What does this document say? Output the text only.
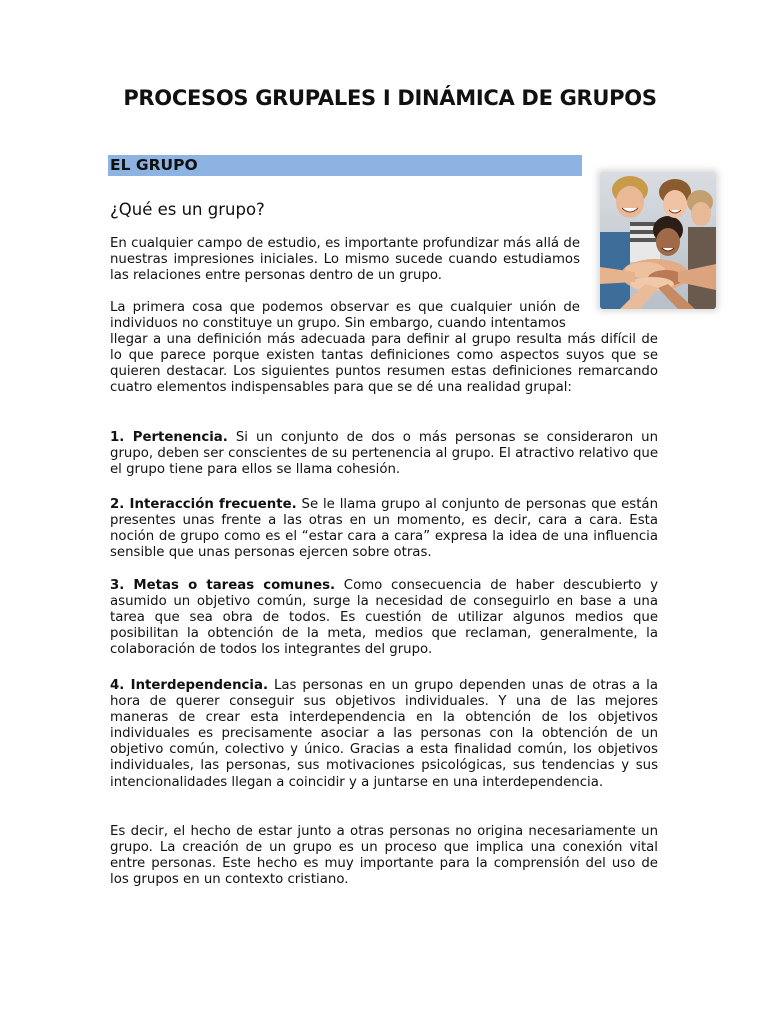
PROCESOS GRUPALES I DINÁMICA DE GRUPOS
EL GRUPO
¿Qué es un grupo?

En cualquier campo de estudio, es importante profundizar más allá de nuestras impresiones iniciales. Lo mismo sucede cuando estudiamos las relaciones entre personas dentro de un grupo.

La primera cosa que podemos observar es que cualquier unión de individuos no constituye un grupo. Sin embargo, cuando intentamos

llegar a una definición más adecuada para definir al grupo resulta más difícil de lo que parece porque existen tantas definiciones como aspectos suyos que se quieren destacar. Los siguientes puntos resumen estas definiciones remarcando cuatro elementos indispensables para que se dé una realidad grupal:

1. Pertenencia. Si un conjunto de dos o más personas se consideraron un grupo, deben ser conscientes de su pertenencia al grupo. El atractivo relativo que el grupo tiene para ellos se llama cohesión.

2. Interacción frecuente. Se le llama grupo al conjunto de personas que están presentes unas frente a las otras en un momento, es decir, cara a cara. Esta noción de grupo como es el “estar cara a cara” expresa la idea de una influencia sensible que unas personas ejercen sobre otras.

3. Metas o tareas comunes. Como consecuencia de haber descubierto y asumido un objetivo común, surge la necesidad de conseguirlo en base a una tarea que sea obra de todos. Es cuestión de utilizar algunos medios que posibilitan la obtención de la meta, medios que reclaman, generalmente, la colaboración de todos los integrantes del grupo.

4. Interdependencia. Las personas en un grupo dependen unas de otras a la hora de querer conseguir sus objetivos individuales. Y una de las mejores maneras de crear esta interdependencia en la obtención de los objetivos individuales es precisamente asociar a las personas con la obtención de un objetivo común, colectivo y único. Gracias a esta finalidad común, los objetivos individuales, las personas, sus motivaciones psicológicas, sus tendencias y sus intencionalidades llegan a coincidir y a juntarse en una interdependencia.

Es decir, el hecho de estar junto a otras personas no origina necesariamente un grupo. La creación de un grupo es un proceso que implica una conexión vital entre personas. Este hecho es muy importante para la comprensión del uso de los grupos en un contexto cristiano.
